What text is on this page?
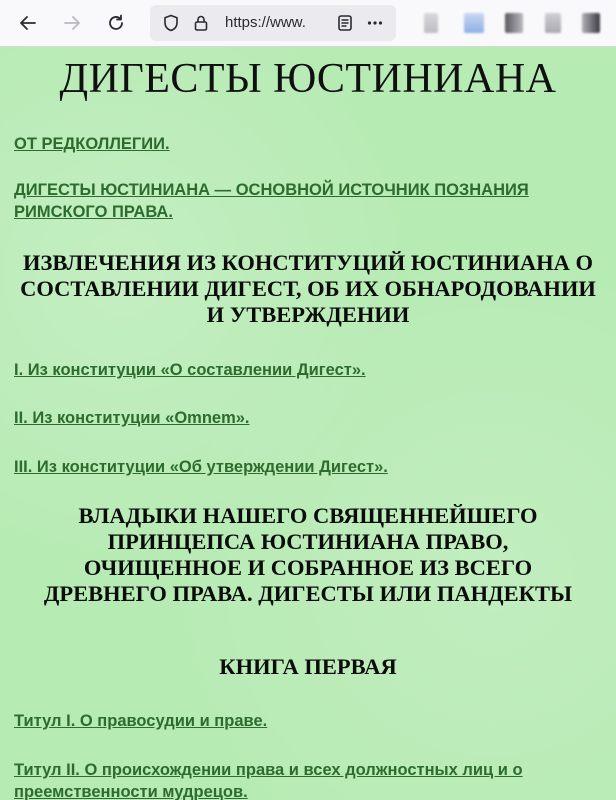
https://www.
ДИГЕСТЫ ЮСТИНИАНА

ОТ РЕДКОЛЛЕГИИ.

ДИГЕСТЫ ЮСТИНИАНА — ОСНОВНОЙ ИСТОЧНИК ПОЗНАНИЯ РИМСКОГО ПРАВА.

ИЗВЛЕЧЕНИЯ ИЗ КОНСТИТУЦИЙ ЮСТИНИАНА О СОСТАВЛЕНИИ ДИГЕСТ, ОБ ИХ ОБНАРОДОВАНИИ И УТВЕРЖДЕНИИ

I. Из конституции «О составлении Дигест».

II. Из конституции «Omnem».

III. Из конституции «Об утверждении Дигест».

ВЛАДЫКИ НАШЕГО СВЯЩЕННЕЙШЕГО ПРИНЦЕПСА ЮСТИНИАНА ПРАВО, ОЧИЩЕННОЕ И СОБРАННОЕ ИЗ ВСЕГО ДРЕВНЕГО ПРАВА. ДИГЕСТЫ ИЛИ ПАНДЕКТЫ
КНИГА ПЕРВАЯ

Титул I. О правосудии и праве.

Титул II. О происхождении права и всех должностных лиц и о преемственности мудрецов.
